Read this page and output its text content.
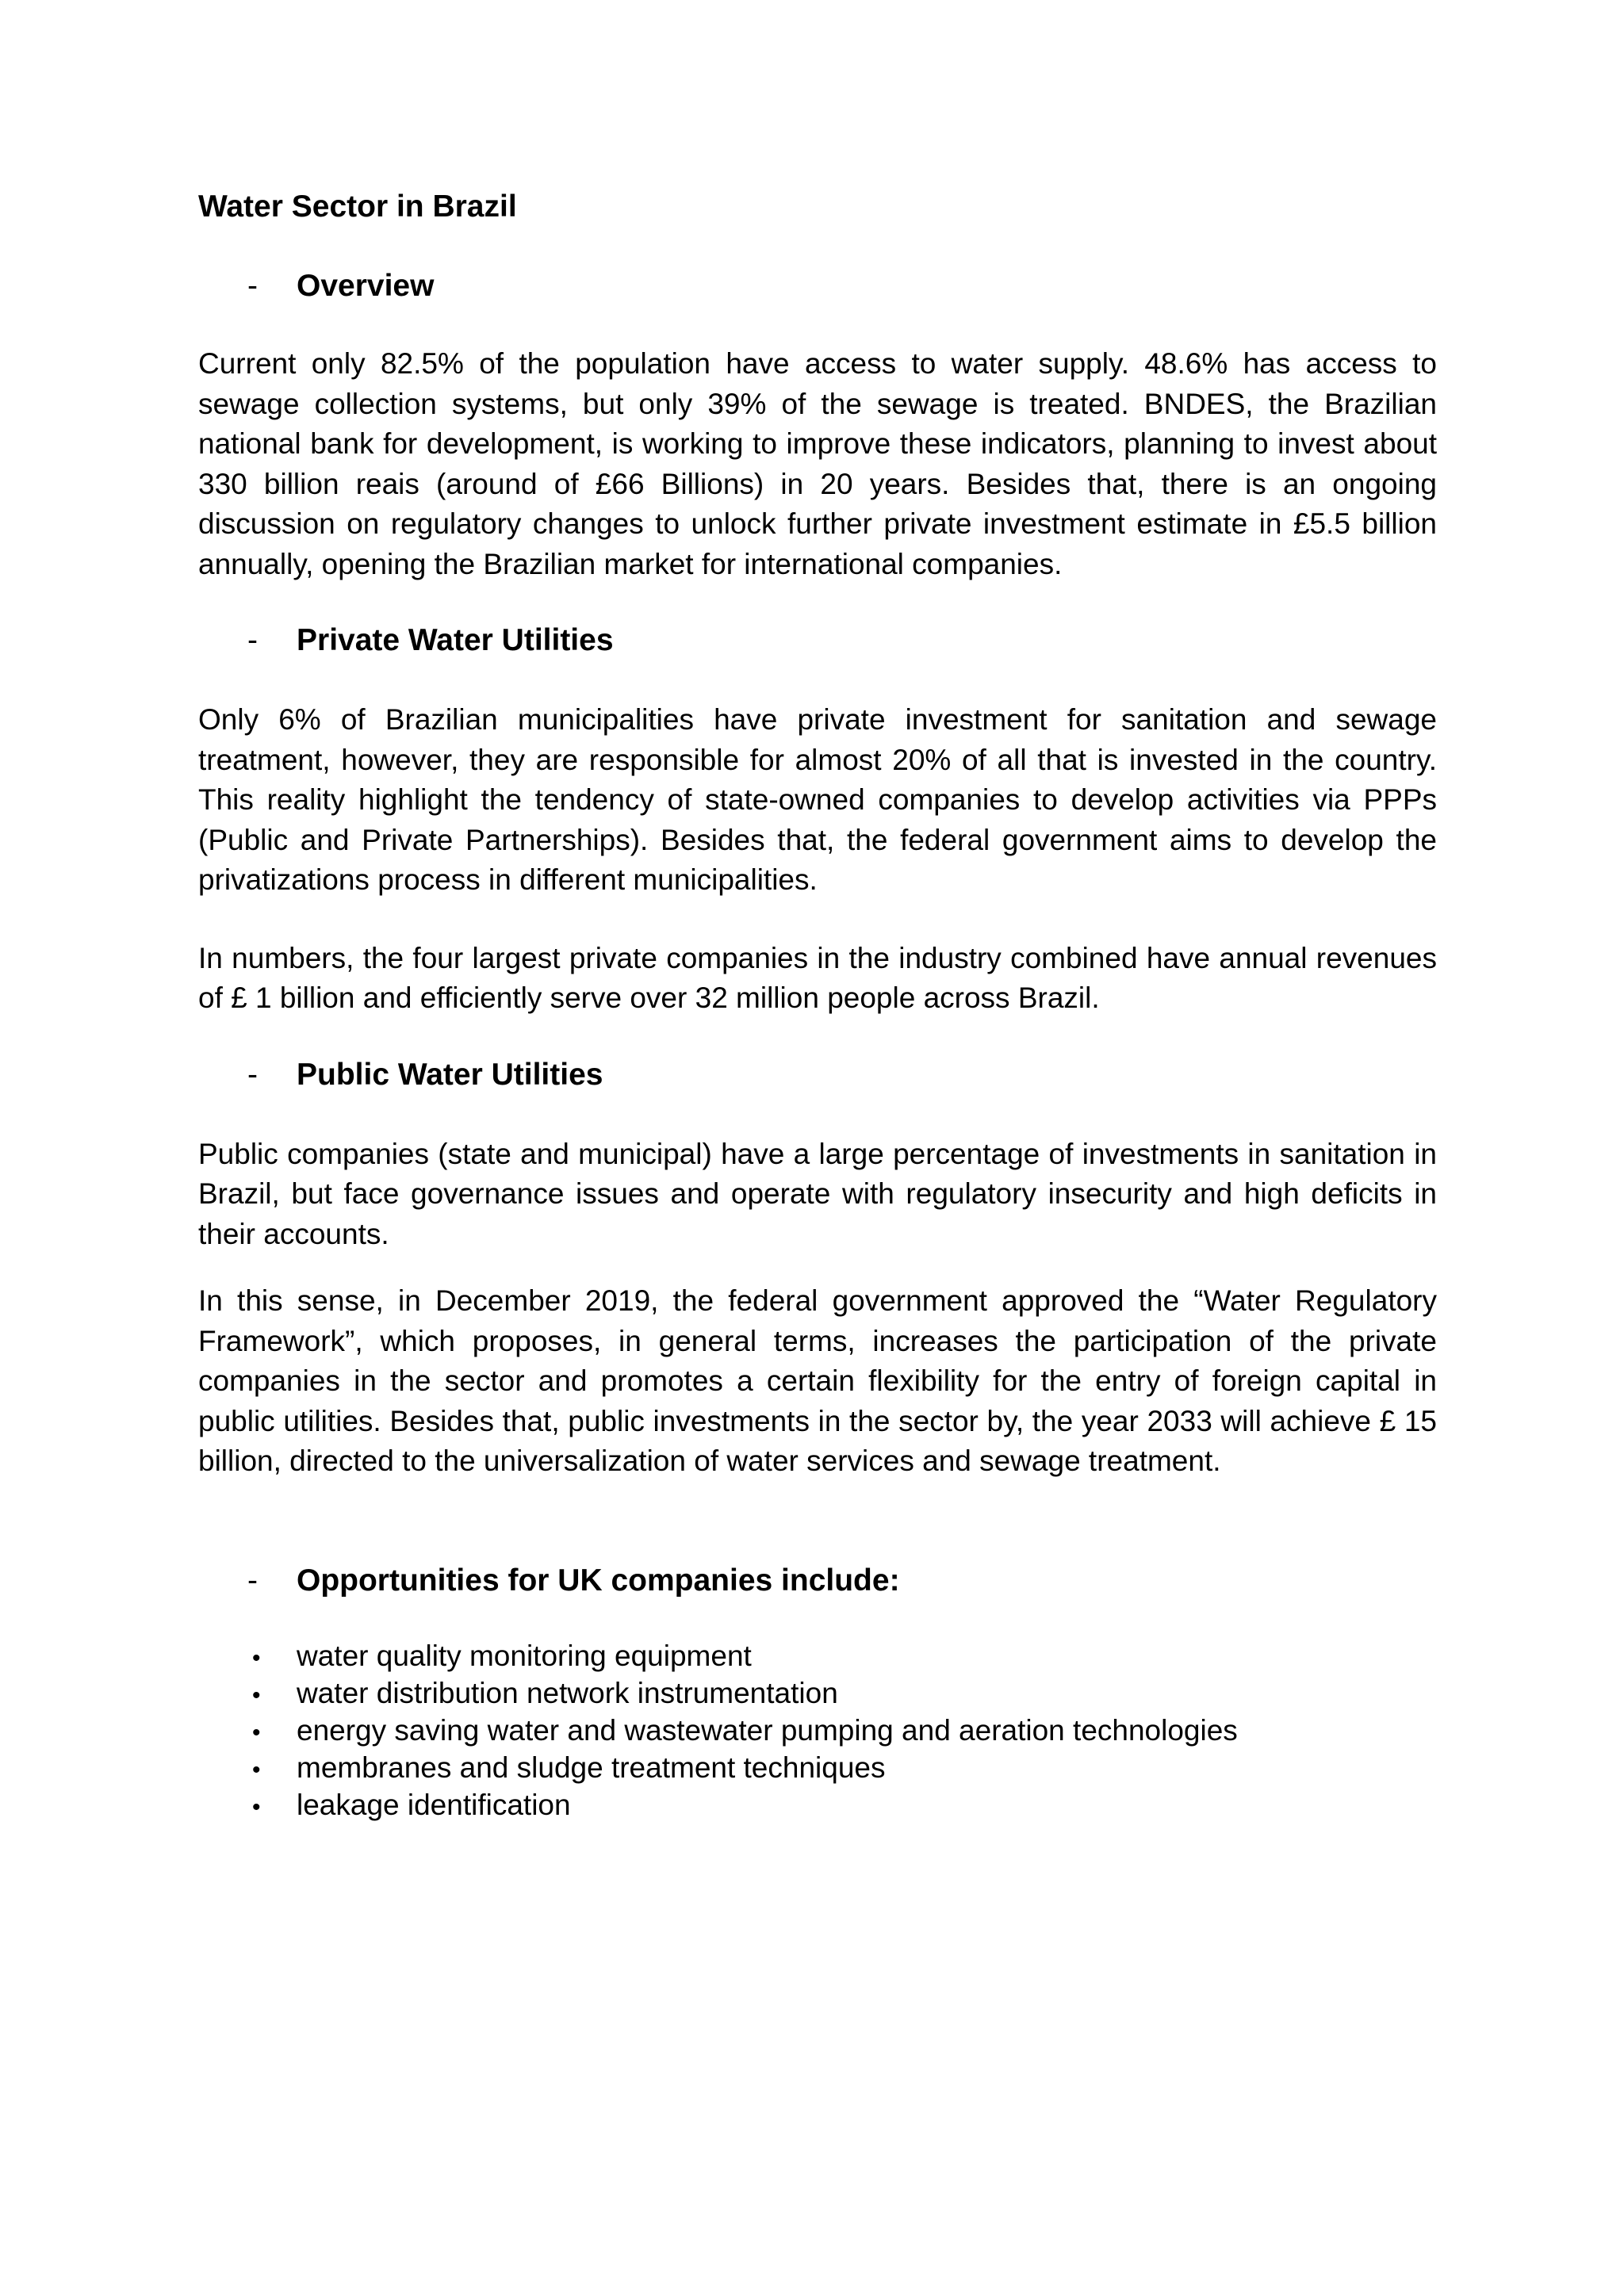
Water Sector in Brazil

-	Overview

Current only 82.5% of the population have access to water supply. 48.6% has access to sewage collection systems, but only 39% of the sewage is treated. BNDES, the Brazilian national bank for development, is working to improve these indicators, planning to invest about 330 billion reais (around of £66 Billions) in 20 years. Besides that, there is an ongoing discussion on regulatory changes to unlock further private investment estimate in £5.5 billion annually, opening the Brazilian market for international companies.

-	Private Water Utilities

Only 6% of Brazilian municipalities have private investment for sanitation and sewage treatment, however, they are responsible for almost 20% of all that is invested in the country. This reality highlight the tendency of state-owned companies to develop activities via PPPs (Public and Private Partnerships). Besides that, the federal government aims to develop the privatizations process in different municipalities.

In numbers, the four largest private companies in the industry combined have annual revenues of £ 1 billion and efficiently serve over 32 million people across Brazil.

-	Public Water Utilities

Public companies (state and municipal) have a large percentage of investments in sanitation in Brazil, but face governance issues and operate with regulatory insecurity and high deficits in their accounts.

In this sense, in December 2019, the federal government approved the “Water Regulatory Framework”, which proposes, in general terms, increases the participation of the private companies in the sector and promotes a certain flexibility for the entry of foreign capital in public utilities. Besides that, public investments in the sector by, the year 2033 will achieve £ 15 billion, directed to the universalization of water services and sewage treatment.

-	Opportunities for UK companies include:
•	water quality monitoring equipment
•	water distribution network instrumentation
•	energy saving water and wastewater pumping and aeration technologies
•	membranes and sludge treatment techniques
•	leakage identification
